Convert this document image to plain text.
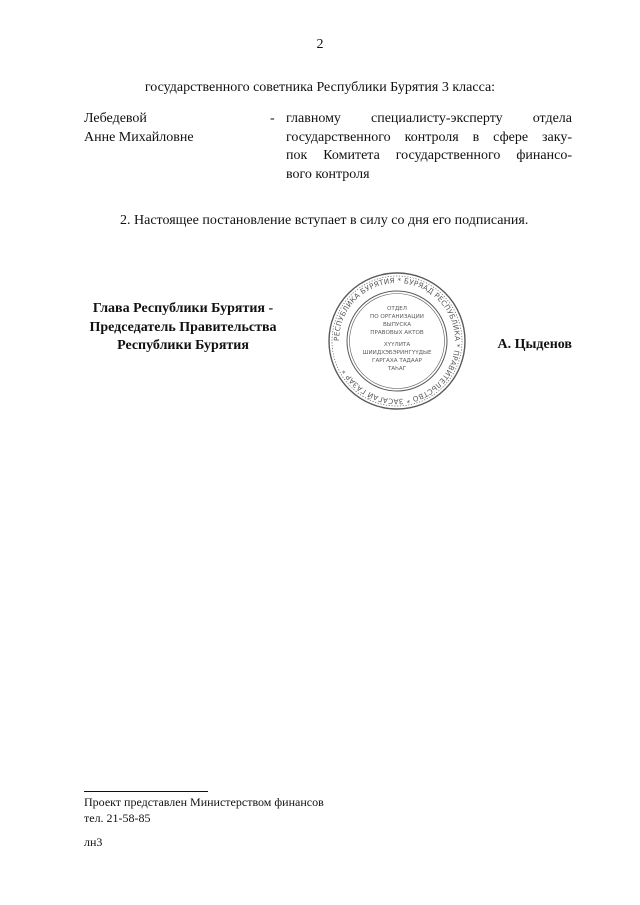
2
государственного советника Республики Бурятия 3 класса:
Лебедевой
Анне Михайловне
- главному специалисту-эксперту отдела
государственного контроля в сфере заку-
пок Комитета государственного финансо-
вого контроля
2. Настоящее постановление вступает в силу со дня его подписания.
Глава Республики Бурятия -
Председатель Правительства
Республики Бурятия	РЕСПУБЛИКА БУРЯТИЯ * БУРЯАД РЕСПУБЛИКА * ПРАВИТЕЛЬСТВО * ЗАСАГАЙ ГАЗАР *
ОТДЕЛ
ПО ОРГАНИЗАЦИИ
ВЫПУСКА
ПРАВОВЫХ АКТОВ
ХҮҮЛИТА
ШИИДХЭБЭРИНГҮҮДЫЕ
ГАРГАХА ТАДААР
ТАҺАГ
А. Цыденов
Проект представлен Министерством финансов
тел. 21-58-85
лн3
